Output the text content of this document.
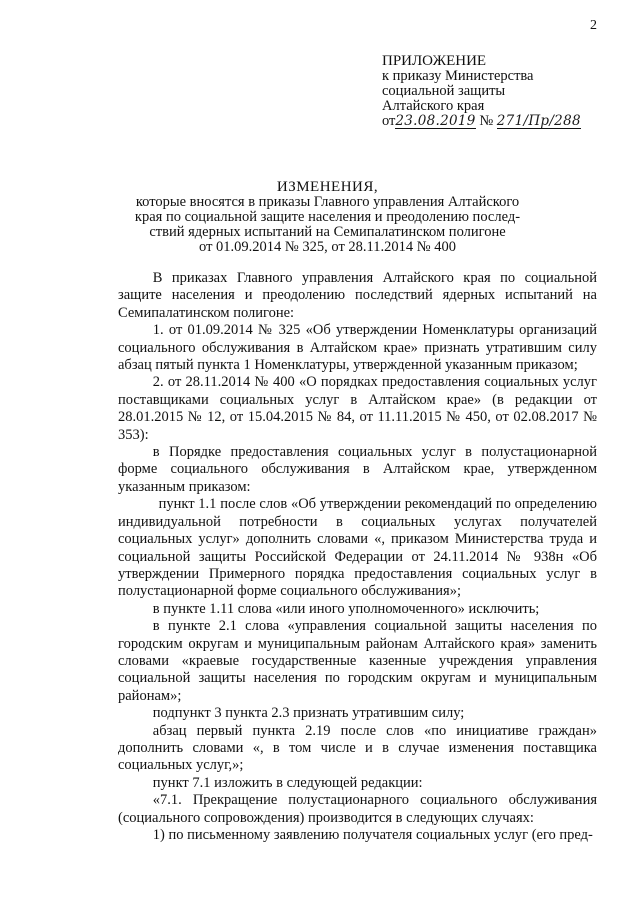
2
ПРИЛОЖЕНИЕ
к приказу Министерства
социальной защиты
Алтайского края
от23.08.2019 № 271/Пр/288
ИЗМЕНЕНИЯ,
которые вносятся в приказы Главного управления Алтайского
края по социальной защите населения и преодолению послед-
ствий ядерных испытаний на Семипалатинском полигоне
от 01.09.2014 № 325, от 28.11.2014 № 400

В приказах Главного управления Алтайского края по социальной защите населения и преодолению последствий ядерных испытаний на Семипалатинском полигоне:

1. от 01.09.2014 № 325 «Об утверждении Номенклатуры организаций социального обслуживания в Алтайском крае» признать утратившим силу абзац пятый пункта 1 Номенклатуры, утвержденной указанным приказом;

2. от 28.11.2014 № 400 «О порядках предоставления социальных услуг поставщиками социальных услуг в Алтайском крае» (в редакции от 28.01.2015 № 12, от 15.04.2015 № 84, от 11.11.2015 № 450, от 02.08.2017 № 353):

в Порядке предоставления социальных услуг в полустационарной форме социального обслуживания в Алтайском крае, утвержденном указанным приказом:

пункт 1.1 после слов «Об утверждении рекомендаций по определению индивидуальной потребности в социальных услугах получателей социальных услуг» дополнить словами «, приказом Министерства труда и социальной защиты Российской Федерации от 24.11.2014 № 938н «Об утверждении Примерного порядка предоставления социальных услуг в полустационарной форме социального обслуживания»;

в пункте 1.11 слова «или иного уполномоченного» исключить;

в пункте 2.1 слова «управления социальной защиты населения по городским округам и муниципальным районам Алтайского края» заменить словами «краевые государственные казенные учреждения управления социальной защиты населения по городским округам и муниципальным районам»;

подпункт 3 пункта 2.3 признать утратившим силу;

абзац первый пункта 2.19 после слов «по инициативе граждан» дополнить словами «, в том числе и в случае изменения поставщика социальных услуг,»;

пункт 7.1 изложить в следующей редакции:

«7.1. Прекращение полустационарного социального обслуживания (социального сопровождения) производится в следующих случаях:

1) по письменному заявлению получателя социальных услуг (его пред-
